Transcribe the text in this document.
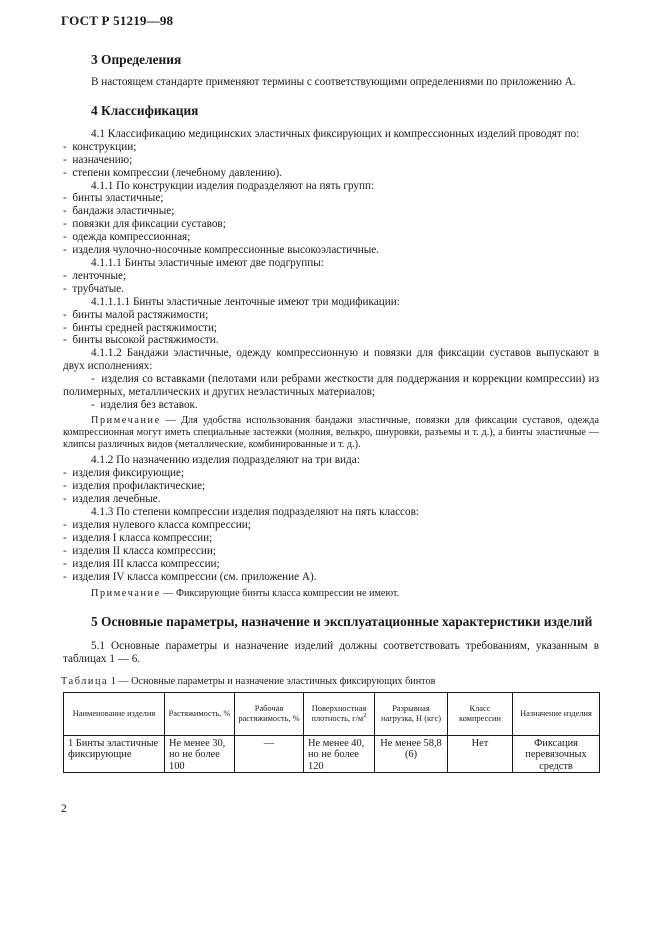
ГОСТ Р 51219—98
3 Определения

В настоящем стандарте применяют термины с соответствующими определениями по приложению А.

4 Классификация

4.1 Классификацию медицинских эластичных фиксирующих и компрессионных изделий проводят по:

-  конструкции;

-  назначению;

-  степени компрессии (лечебному давлению).

4.1.1 По конструкции изделия подразделяют на пять групп:

-  бинты эластичные;

-  бандажи эластичные;

-  повязки для фиксации суставов;

-  одежда компрессионная;

-  изделия чулочно-носочные компрессионные высокоэластичные.

4.1.1.1 Бинты эластичные имеют две подгруппы:

-  ленточные;

-  трубчатые.

4.1.1.1.1 Бинты эластичные ленточные имеют три модификации:

-  бинты малой растяжимости;

-  бинты средней растяжимости;

-  бинты высокой растяжимости.

4.1.1.2 Бандажи эластичные, одежду компрессионную и повязки для фиксации суставов выпускают в двух исполнениях:

-  изделия со вставками (пелотами или ребрами жесткости для поддержания и коррекции компрессии) из полимерных, металлических и других неэластичных материалов;

-  изделия без вставок.

Примечание — Для удобства использования бандажи эластичные, повязки для фиксации суставов, одежда компрессионная могут иметь специальные застежки (молния, велькро, шнуровки, разъемы и т. д.), а бинты эластичные — клипсы различных видов (металлические, комбинированные и т. д.).

4.1.2 По назначению изделия подразделяют на три вида:

-  изделия фиксирующие;

-  изделия профилактические;

-  изделия лечебные.

4.1.3 По степени компрессии изделия подразделяют на пять классов:

-  изделия нулевого класса компрессии;

-  изделия I класса компрессии;

-  изделия II класса компрессии;

-  изделия III класса компрессии;

-  изделия IV класса компрессии (см. приложение А).

Примечание — Фиксирующие бинты класса компрессии не имеют.

5 Основные параметры, назначение и эксплуатационные характеристики изделий

5.1 Основные параметры и назначение изделий должны соответствовать требованиям, указанным в таблицах 1 — 6.

Таблица 1 — Основные параметры и назначение эластичных фиксирующих бинтов

Наименование изделия	Растяжимость, %	Рабочая растяжимость, %	Поверхностная плотность, $г/м^2$	Разрывная нагрузка, Н (кгс)	Класс компрессии	Назначение изделия
1 Бинты эластичные фиксирующие	Не менее 30, но не более 100	—	Не менее 40, но не более 120	Не менее 58,8 (6)	Нет	Фиксация перевязочных средств
2
